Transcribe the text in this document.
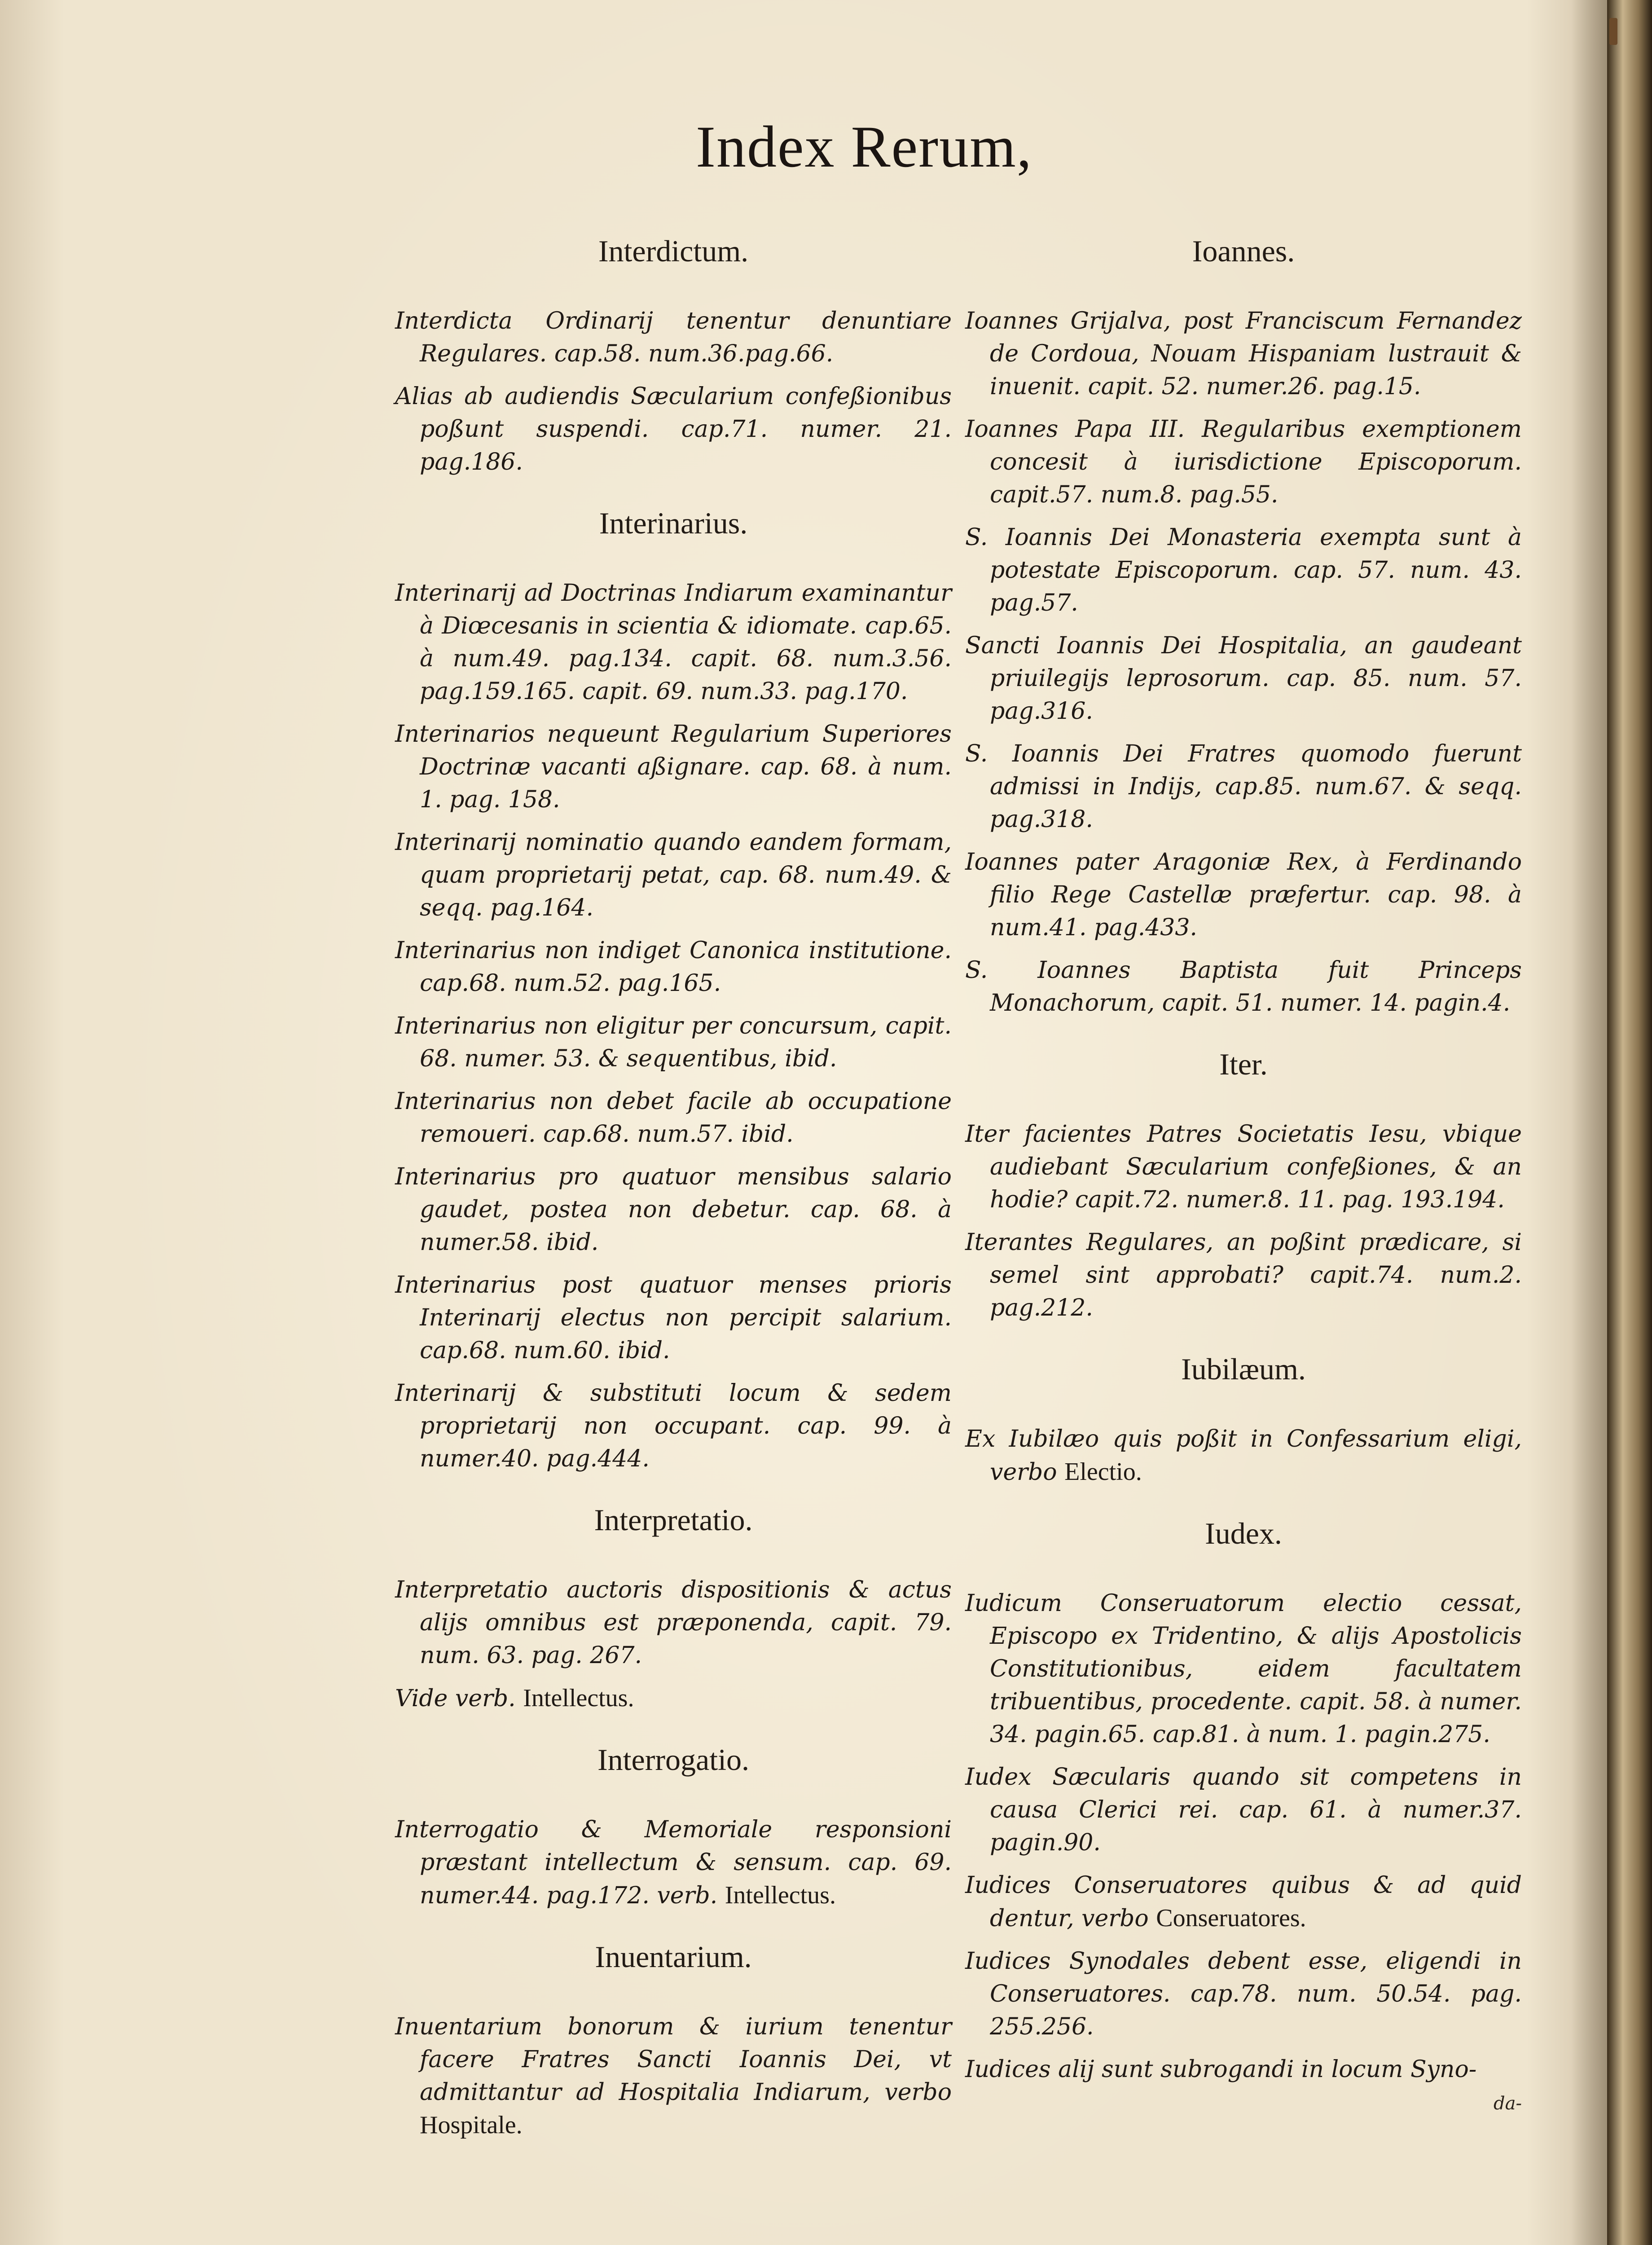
Index Rerum,
Interdictum.
Interdicta Ordinarij tenentur denuntiare Regulares. cap.58. num.36.pag.66.
Alias ab audiendis Sæcularium confeßionibus poßunt suspendi. cap.71. numer. 21. pag.186.
Interinarius.
Interinarij ad Doctrinas Indiarum examinantur à Diœcesanis in scientia & idiomate. cap.65. à num.49. pag.134. capit. 68. num.3.56. pag.159.165. capit. 69. num.33. pag.170.
Interinarios nequeunt Regularium Superiores Doctrinæ vacanti aßignare. cap. 68. à num. 1. pag. 158.
Interinarij nominatio quando eandem formam, quam proprietarij petat, cap. 68. num.49. & seqq. pag.164.
Interinarius non indiget Canonica institutione. cap.68. num.52. pag.165.
Interinarius non eligitur per concursum, capit. 68. numer. 53. & sequentibus, ibid.
Interinarius non debet facile ab occupatione remoueri. cap.68. num.57. ibid.
Interinarius pro quatuor mensibus salario gaudet, postea non debetur. cap. 68. à numer.58. ibid.
Interinarius post quatuor menses prioris Interinarij electus non percipit salarium. cap.68. num.60. ibid.
Interinarij & substituti locum & sedem proprietarij non occupant. cap. 99. à numer.40. pag.444.
Interpretatio.
Interpretatio auctoris dispositionis & actus alijs omnibus est præponenda, capit. 79. num. 63. pag. 267.
Vide verb. Intellectus.
Interrogatio.
Interrogatio & Memoriale responsioni præstant intellectum & sensum. cap. 69. numer.44. pag.172. verb. Intellectus.
Inuentarium.
Inuentarium bonorum & iurium tenentur facere Fratres Sancti Ioannis Dei, vt admittantur ad Hospitalia Indiarum, verbo Hospitale.
Ioannes.
Ioannes Grijalva, post Franciscum Fernandez de Cordoua, Nouam Hispaniam lustrauit & inuenit. capit. 52. numer.26. pag.15.
Ioannes Papa III. Regularibus exemptionem concesit à iurisdictione Episcoporum. capit.57. num.8. pag.55.
S. Ioannis Dei Monasteria exempta sunt à potestate Episcoporum. cap. 57. num. 43. pag.57.
Sancti Ioannis Dei Hospitalia, an gaudeant priuilegijs leprosorum. cap. 85. num. 57. pag.316.
S. Ioannis Dei Fratres quomodo fuerunt admissi in Indijs, cap.85. num.67. & seqq. pag.318.
Ioannes pater Aragoniæ Rex, à Ferdinando filio Rege Castellæ præfertur. cap. 98. à num.41. pag.433.
S. Ioannes Baptista fuit Princeps Monachorum, capit. 51. numer. 14. pagin.4.
Iter.
Iter facientes Patres Societatis Iesu, vbique audiebant Sæcularium confeßiones, & an hodie? capit.72. numer.8. 11. pag. 193.194.
Iterantes Regulares, an poßint prædicare, si semel sint approbati? capit.74. num.2. pag.212.
Iubilæum.
Ex Iubilæo quis poßit in Confessarium eligi, verbo Electio.
Iudex.
Iudicum Conseruatorum electio cessat, Episcopo ex Tridentino, & alijs Apostolicis Constitutionibus, eidem facultatem tribuentibus, procedente. capit. 58. à numer. 34. pagin.65. cap.81. à num. 1. pagin.275.
Iudex Sæcularis quando sit competens in causa Clerici rei. cap. 61. à numer.37. pagin.90.
Iudices Conseruatores quibus & ad quid dentur, verbo Conseruatores.
Iudices Synodales debent esse, eligendi in Conseruatores. cap.78. num. 50.54. pag. 255.256.
Iudices alij sunt subrogandi in locum Syno-
da-
